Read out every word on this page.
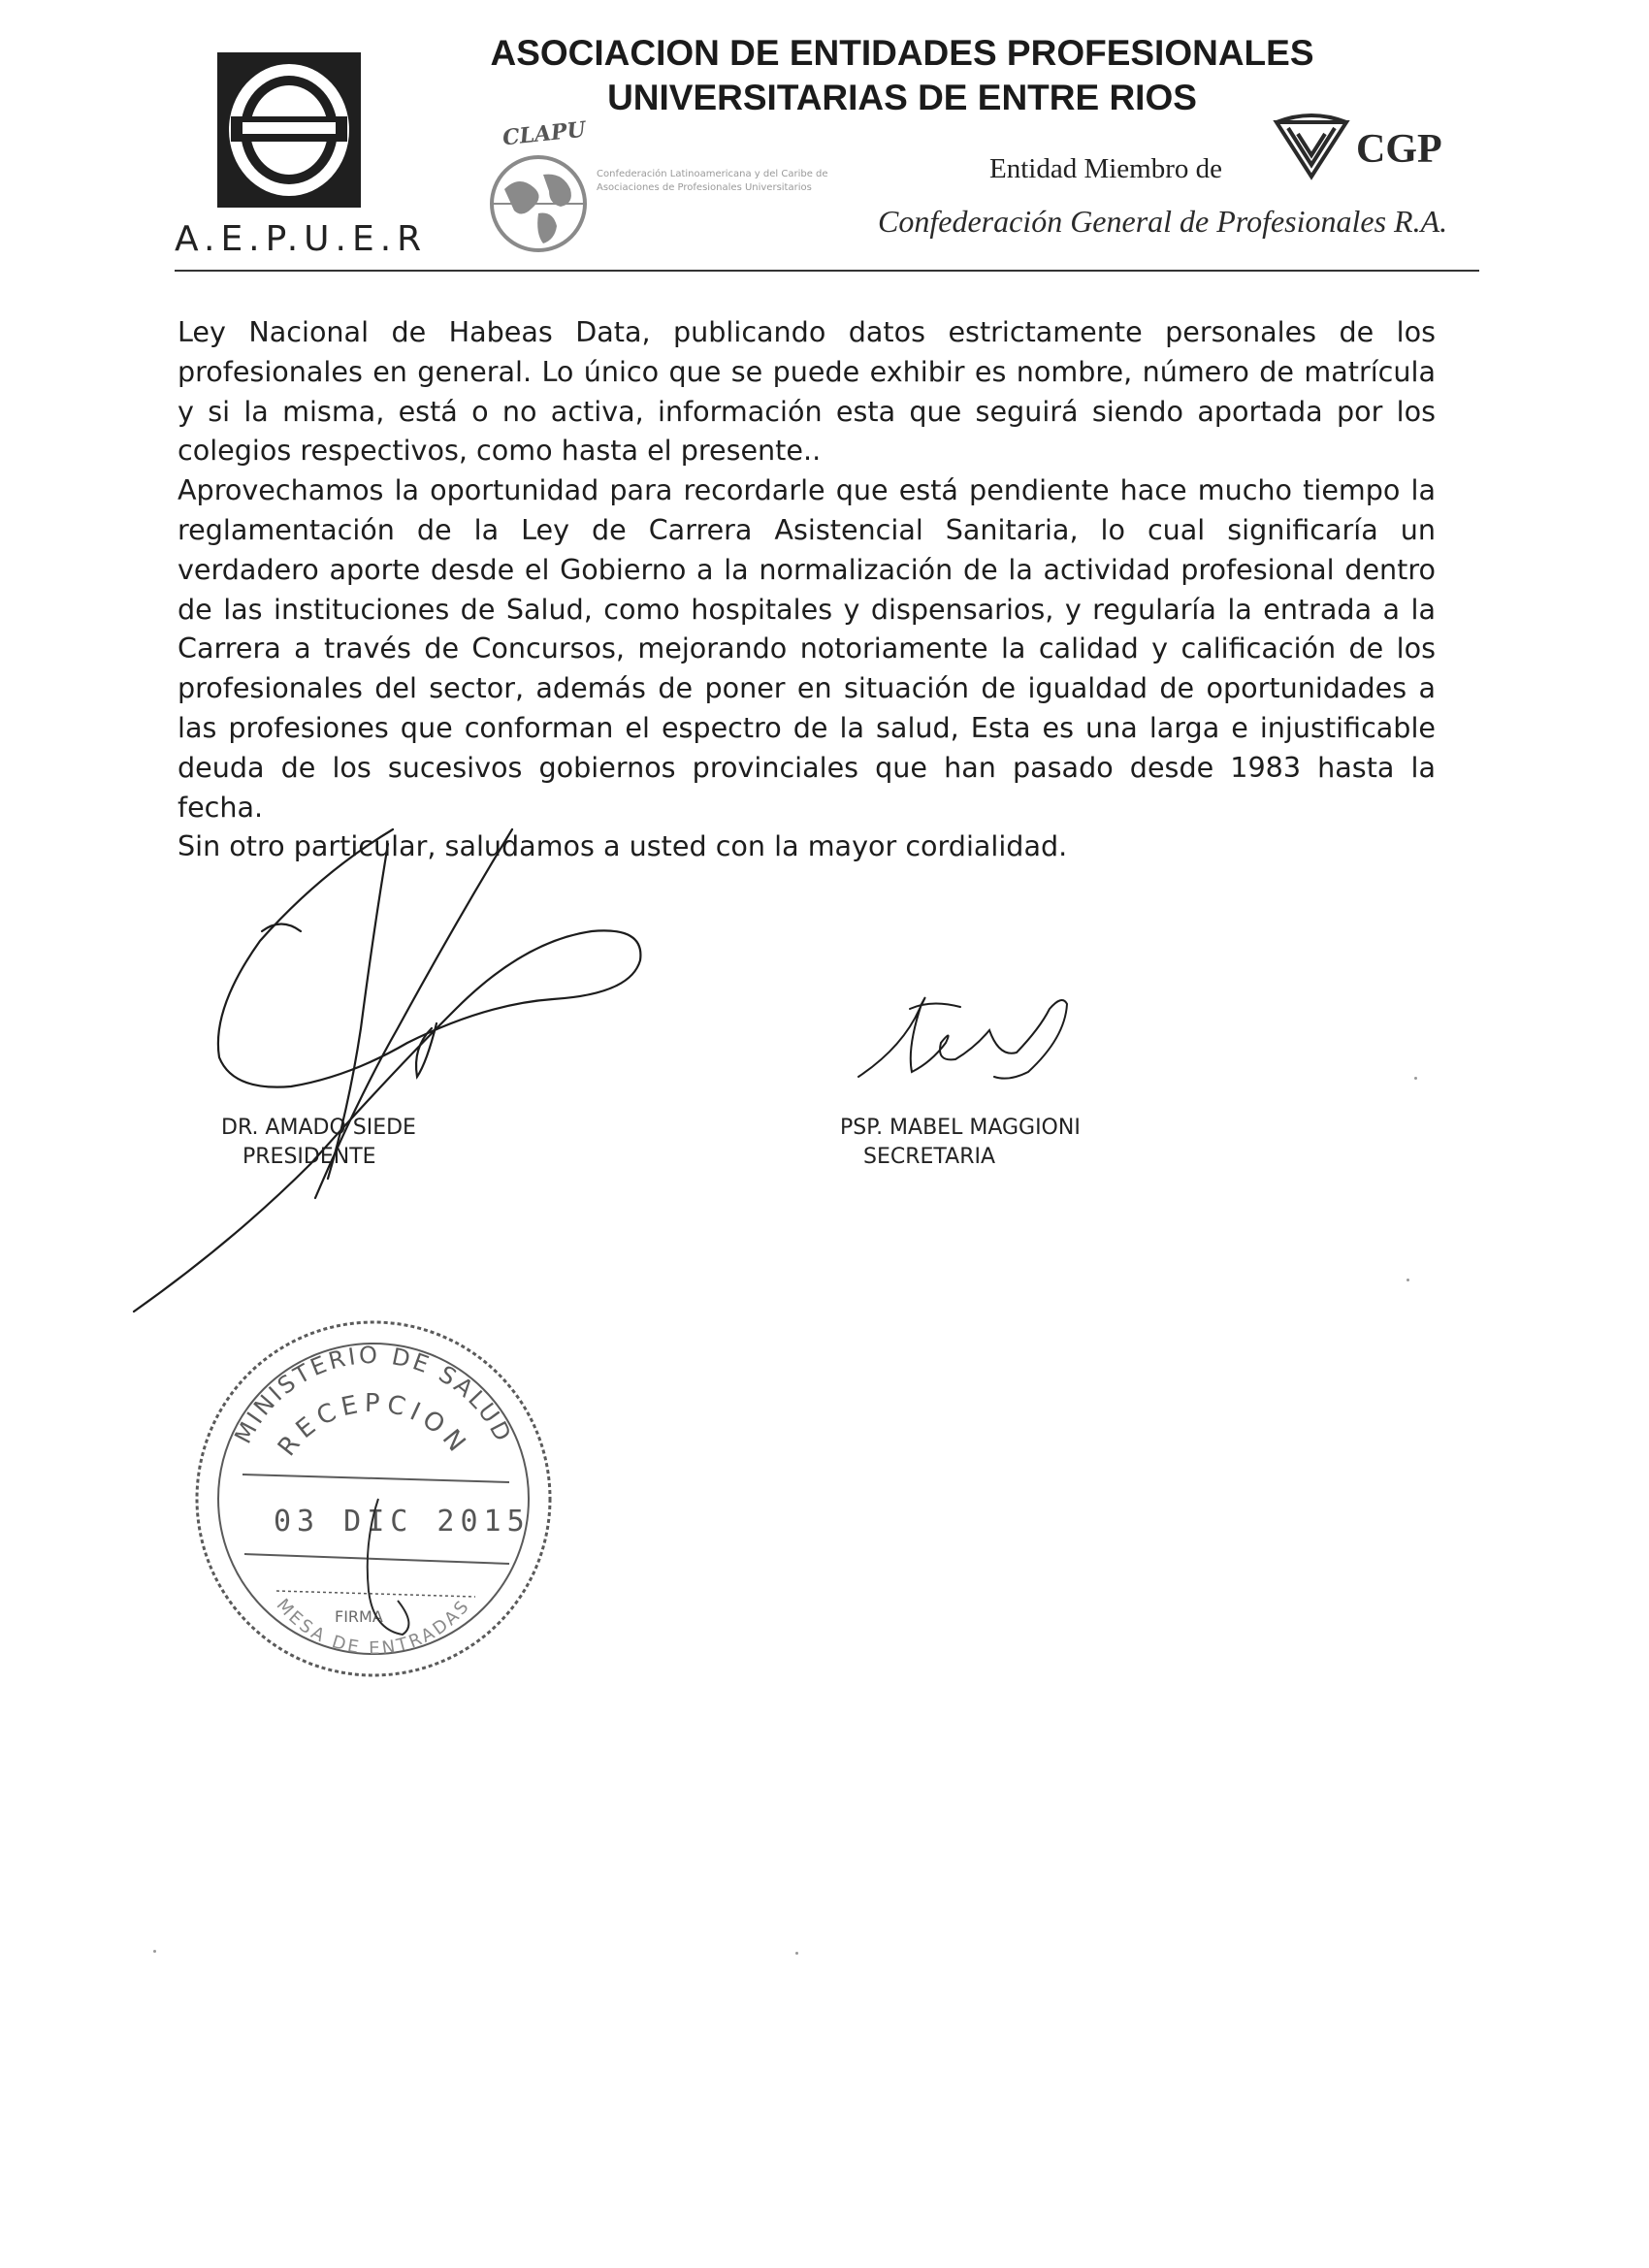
A.E.P.U.E.R
ASOCIACION DE ENTIDADES PROFESIONALES
UNIVERSITARIAS DE ENTRE RIOS
CLAPU
Confederación Latinoamericana y del Caribe de Asociaciones de Profesionales Universitarios
Entidad Miembro de	CGP
Confederación General de Profesionales R.A.

Ley Nacional de Habeas Data, publicando datos estrictamente personales de los profesionales en general. Lo único que se puede exhibir es nombre, número de matrícula y si la misma, está o no activa, información esta que seguirá siendo aportada por los colegios respectivos, como hasta el presente..

Aprovechamos la oportunidad para recordarle que está pendiente hace mucho tiempo la reglamentación de la Ley de Carrera Asistencial Sanitaria, lo cual significaría un verdadero aporte desde el Gobierno a la normalización de la actividad profesional dentro de las instituciones de Salud, como hospitales y dispensarios, y regularía la entrada a la Carrera a través de Concursos, mejorando notoriamente la calidad y calificación de los profesionales del sector, además de poner en situación de igualdad de oportunidades a las profesiones que conforman el espectro de la salud, Esta es una larga e injustificable deuda de los sucesivos gobiernos provinciales que han pasado desde 1983 hasta la fecha.

Sin otro particular, saludamos a usted con la mayor cordialidad.

DR. AMADO SIEDE
PRESIDENTE
PSP. MABEL MAGGIONI
SECRETARIA
MINISTERIO DE SALUD
RECEPCION
03 DIC 2015
FIRMA
MESA DE ENTRADAS
